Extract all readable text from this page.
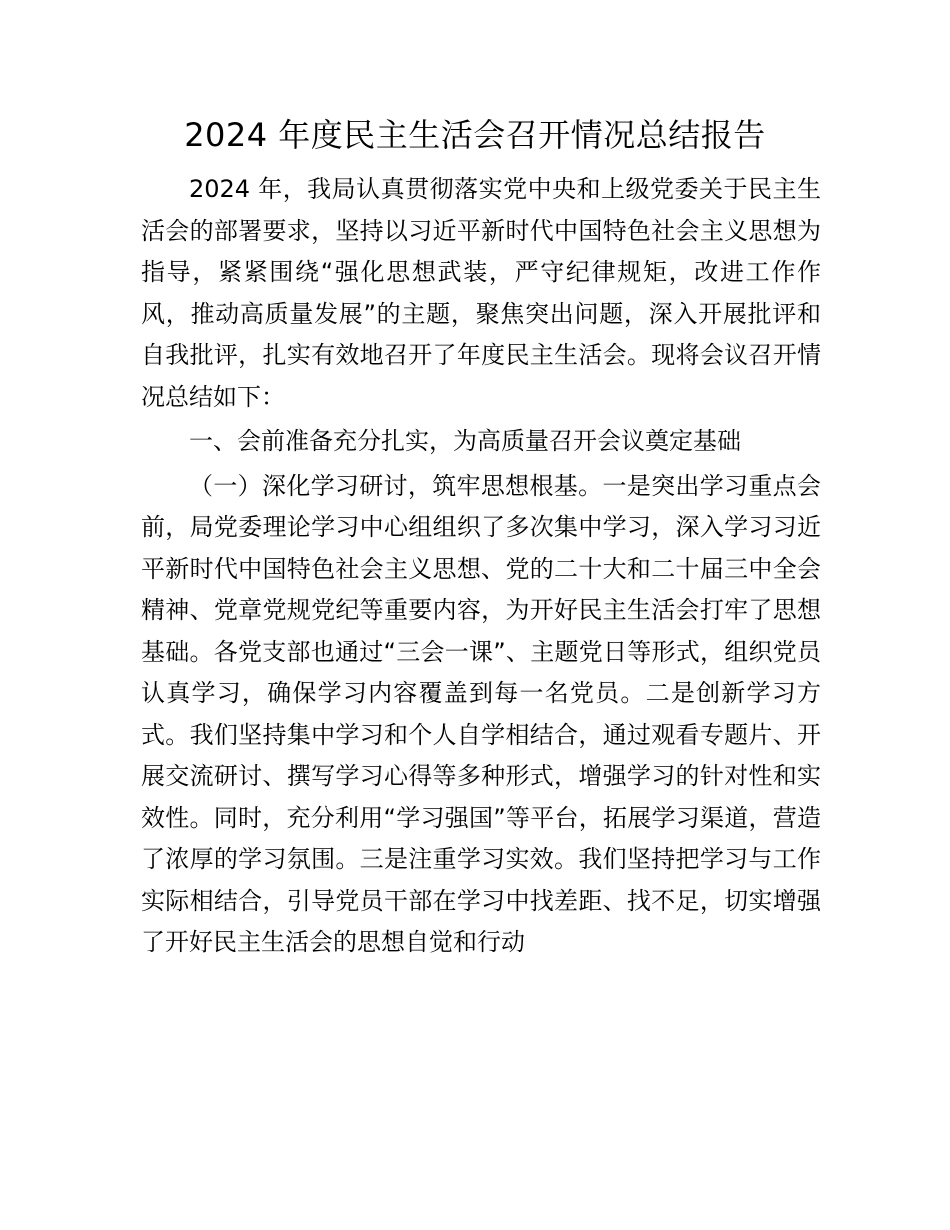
2024 年度民主生活会召开情况总结报告

2024 年，我局认真贯彻落实党中央和上级党委关于民主生活会的部署要求，坚持以习近平新时代中国特色社会主义思想为指导，紧紧围绕“强化思想武装，严守纪律规矩，改进工作作风，推动高质量发展”的主题，聚焦突出问题，深入开展批评和自我批评，扎实有效地召开了年度民主生活会。现将会议召开情况总结如下：

一、会前准备充分扎实，为高质量召开会议奠定基础

（一）深化学习研讨，筑牢思想根基。一是突出学习重点会前，局党委理论学习中心组组织了多次集中学习，深入学习习近平新时代中国特色社会主义思想、党的二十大和二十届三中全会精神、党章党规党纪等重要内容，为开好民主生活会打牢了思想基础。各党支部也通过“三会一课”、主题党日等形式，组织党员认真学习，确保学习内容覆盖到每一名党员。二是创新学习方式。我们坚持集中学习和个人自学相结合，通过观看专题片、开展交流研讨、撰写学习心得等多种形式，增强学习的针对性和实效性。同时，充分利用“学习强国”等平台，拓展学习渠道，营造了浓厚的学习氛围。三是注重学习实效。我们坚持把学习与工作实际相结合，引导党员干部在学习中找差距、找不足，切实增强了开好民主生活会的思想自觉和行动
